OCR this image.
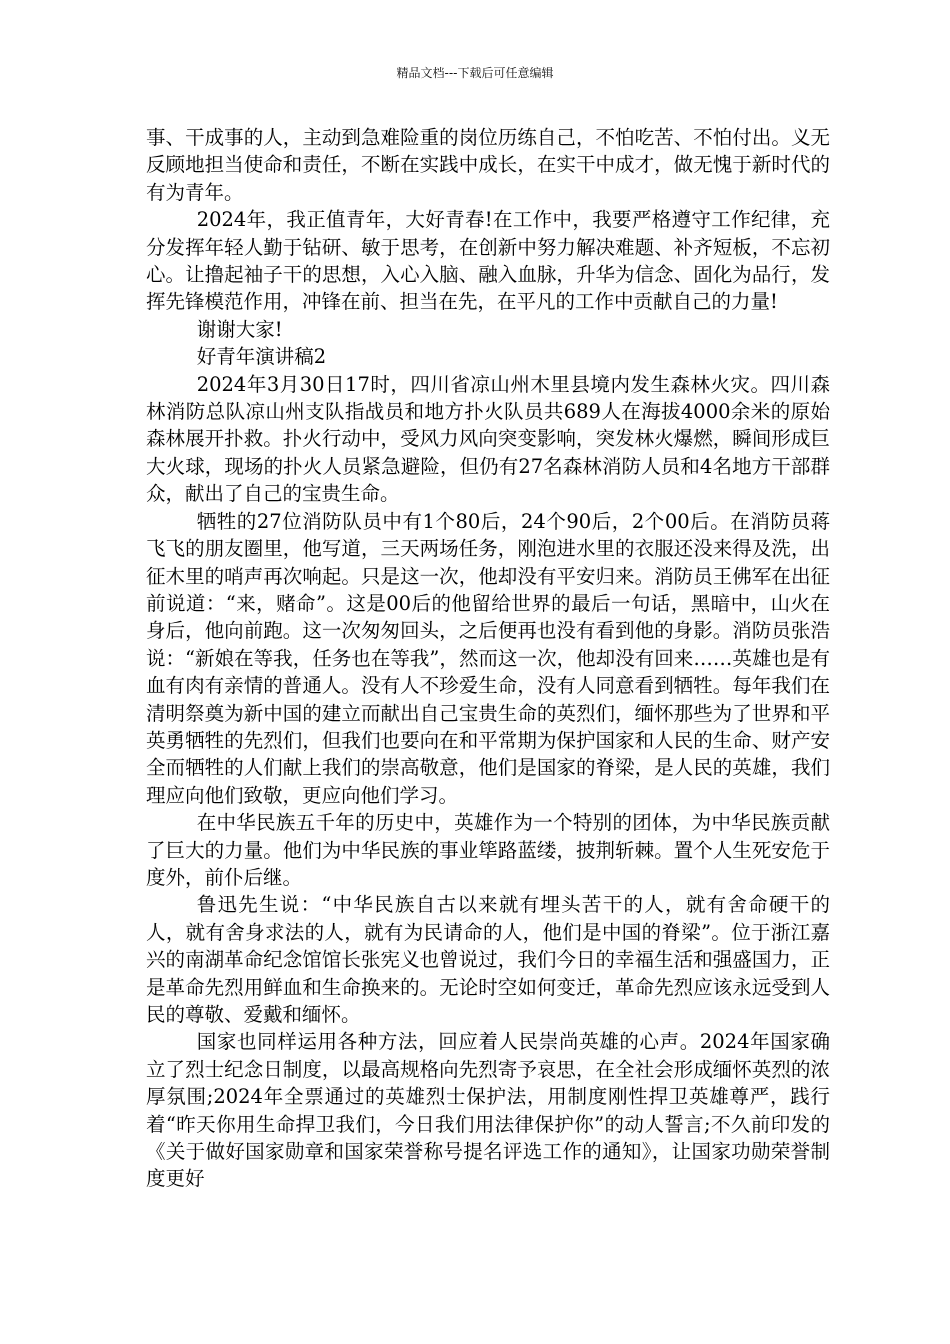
精品文档---下载后可任意编辑

事、干成事的人，主动到急难险重的岗位历练自己，不怕吃苦、不怕付出。义无反顾地担当使命和责任，不断在实践中成长，在实干中成才，做无愧于新时代的有为青年。

2024年，我正值青年，大好青春!在工作中，我要严格遵守工作纪律，充分发挥年轻人勤于钻研、敏于思考，在创新中努力解决难题、补齐短板，不忘初心。让撸起袖子干的思想，入心入脑、融入血脉，升华为信念、固化为品行，发挥先锋模范作用，冲锋在前、担当在先，在平凡的工作中贡献自己的力量!

谢谢大家!

好青年演讲稿2

2024年3月30日17时，四川省凉山州木里县境内发生森林火灾。四川森林消防总队凉山州支队指战员和地方扑火队员共689人在海拔4000余米的原始森林展开扑救。扑火行动中，受风力风向突变影响，突发林火爆燃，瞬间形成巨大火球，现场的扑火人员紧急避险，但仍有27名森林消防人员和4名地方干部群众，献出了自己的宝贵生命。

牺牲的27位消防队员中有1个80后，24个90后，2个00后。在消防员蒋飞飞的朋友圈里，他写道，三天两场任务，刚泡进水里的衣服还没来得及洗，出征木里的哨声再次响起。只是这一次，他却没有平安归来。消防员王佛军在出征前说道：“来，赌命”。这是00后的他留给世界的最后一句话，黑暗中，山火在身后，他向前跑。这一次匆匆回头，之后便再也没有看到他的身影。消防员张浩说：“新娘在等我，任务也在等我”，然而这一次，他却没有回来……英雄也是有血有肉有亲情的普通人。没有人不珍爱生命，没有人同意看到牺牲。每年我们在清明祭奠为新中国的建立而献出自己宝贵生命的英烈们，缅怀那些为了世界和平英勇牺牲的先烈们，但我们也要向在和平常期为保护国家和人民的生命、财产安全而牺牲的人们献上我们的崇高敬意，他们是国家的脊梁，是人民的英雄，我们理应向他们致敬，更应向他们学习。

在中华民族五千年的历史中，英雄作为一个特别的团体，为中华民族贡献了巨大的力量。他们为中华民族的事业筚路蓝缕，披荆斩棘。置个人生死安危于度外，前仆后继。

鲁迅先生说：“中华民族自古以来就有埋头苦干的人，就有舍命硬干的人，就有舍身求法的人，就有为民请命的人，他们是中国的脊梁”。位于浙江嘉兴的南湖革命纪念馆馆长张宪义也曾说过，我们今日的幸福生活和强盛国力，正是革命先烈用鲜血和生命换来的。无论时空如何变迁，革命先烈应该永远受到人民的尊敬、爱戴和缅怀。

国家也同样运用各种方法，回应着人民崇尚英雄的心声。2024年国家确立了烈士纪念日制度，以最高规格向先烈寄予哀思，在全社会形成缅怀英烈的浓厚氛围;2024年全票通过的英雄烈士保护法，用制度刚性捍卫英雄尊严，践行着“昨天你用生命捍卫我们，今日我们用法律保护你”的动人誓言;不久前印发的《关于做好国家勋章和国家荣誉称号提名评选工作的通知》，让国家功勋荣誉制度更好
